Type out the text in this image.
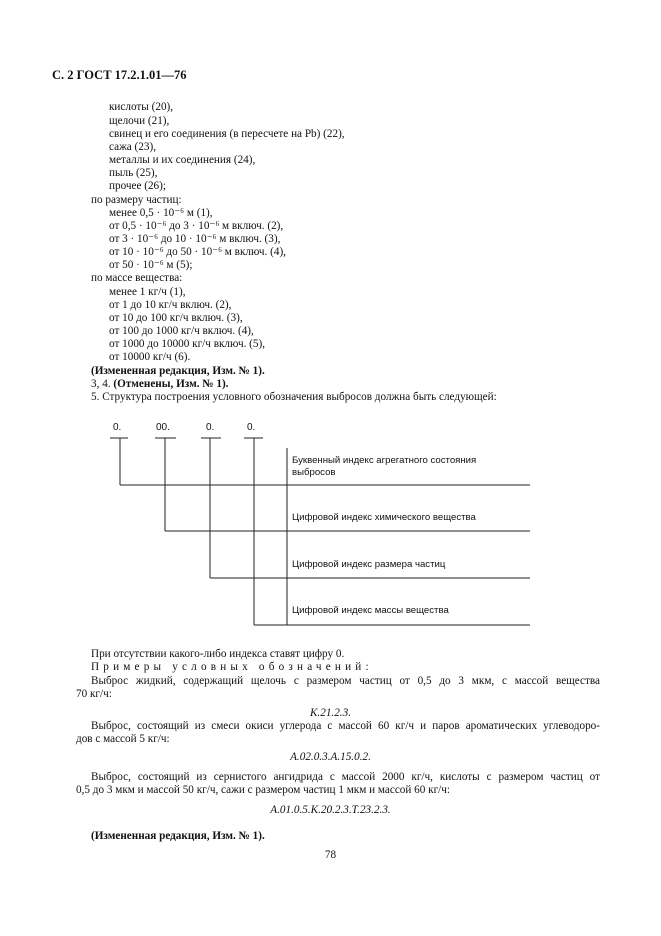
С. 2 ГОСТ 17.2.1.01—76
кислоты (20),
щелочи (21),
свинец и его соединения (в пересчете на Pb) (22),
сажа (23),
металлы и их соединения (24),
пыль (25),
прочее (26);
по размеру частиц:
менее 0,5 · 10⁻⁶ м (1),
от 0,5 · 10⁻⁶ до 3 · 10⁻⁶ м включ. (2),
от 3 · 10⁻⁶ до 10 · 10⁻⁶ м включ. (3),
от 10 · 10⁻⁶ до 50 · 10⁻⁶ м включ. (4),
от 50 · 10⁻⁶ м (5);
по массе вещества:
менее 1 кг/ч (1),
от 1 до 10 кг/ч включ. (2),
от 10 до 100 кг/ч включ. (3),
от 100 до 1000 кг/ч включ. (4),
от 1000 до 10000 кг/ч включ. (5),
от 10000 кг/ч (6).
(Измененная редакция, Изм. № 1).
3, 4. (Отменены, Изм. № 1).
5. Структура построения условного обозначения выбросов должна быть следующей:
0.	00.	0.	0.
Буквенный индекс агрегатного состояния
выбросов
Цифровой индекс химического вещества
Цифровой индекс размера частиц
Цифровой индекс массы вещества
При отсутствии какого-либо индекса ставят цифру 0.
Примеры условных обозначений:
Выброс жидкий, содержащий щелочь с размером частиц от 0,5 до 3 мкм, с массой вещества
70 кг/ч:
К.21.2.3.
Выброс, состоящий из смеси окиси углерода с массой 60 кг/ч и паров ароматических углеводоро-
дов с массой 5 кг/ч:
А.02.0.3.А.15.0.2.
Выброс, состоящий из сернистого ангидрида с массой 2000 кг/ч, кислоты с размером частиц от
0,5 до 3 мкм и массой 50 кг/ч, сажи с размером частиц 1 мкм и массой 60 кг/ч:
А.01.0.5.К.20.2.3.Т.23.2.3.
(Измененная редакция, Изм. № 1).
78
